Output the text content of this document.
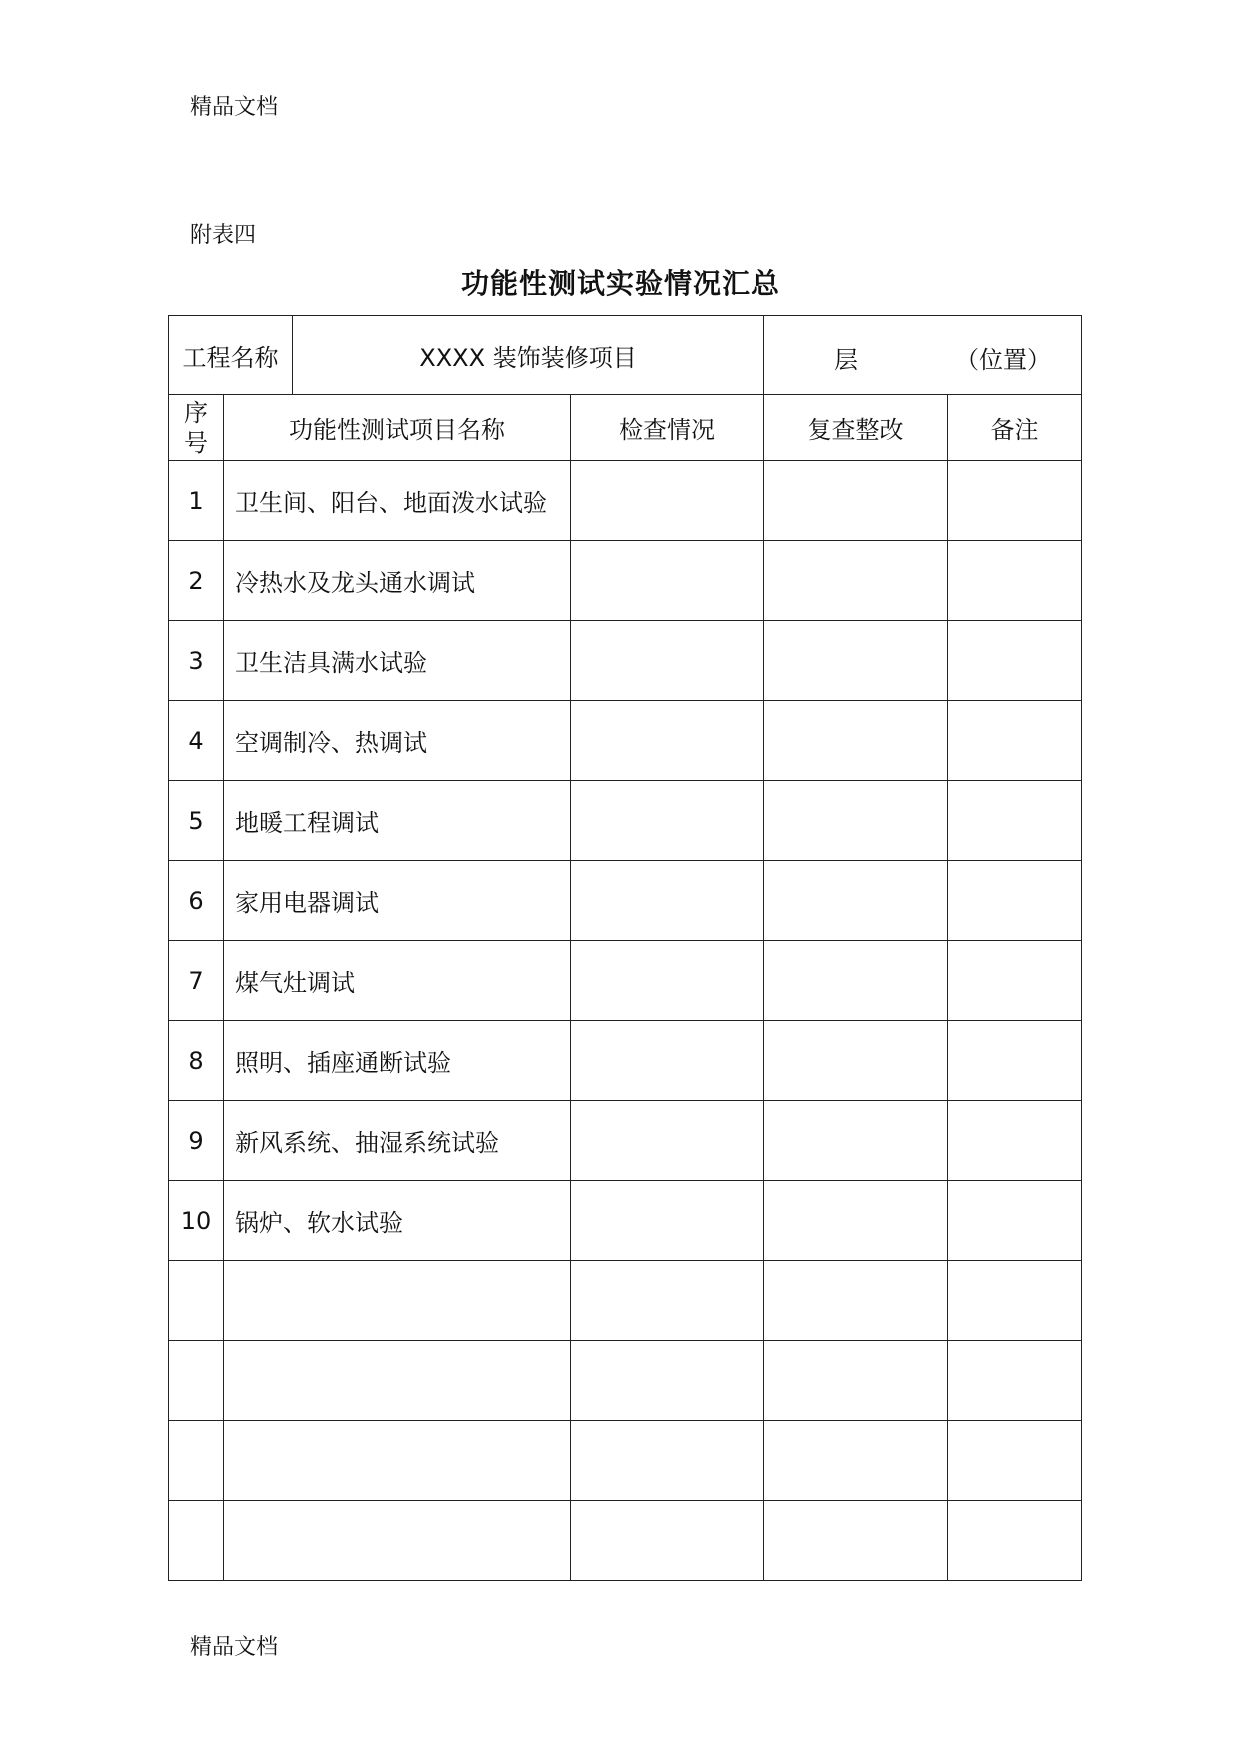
精品文档
附表四
功能性测试实验情况汇总
工程名称		XXXX 装饰装修项目		层 （位置）	

序
号	功能性测试项目名称		检查情况	复查整改	备注
1	卫生间、阳台、地面泼水试验				
2	冷热水及龙头通水调试				
3	卫生洁具满水试验				
4	空调制冷、热调试				
5	地暖工程调试				
6	家用电器调试				
7	煤气灶调试				
8	照明、插座通断试验				
9	新风系统、抽湿系统试验				
10	锅炉、软水试验				

精品文档
